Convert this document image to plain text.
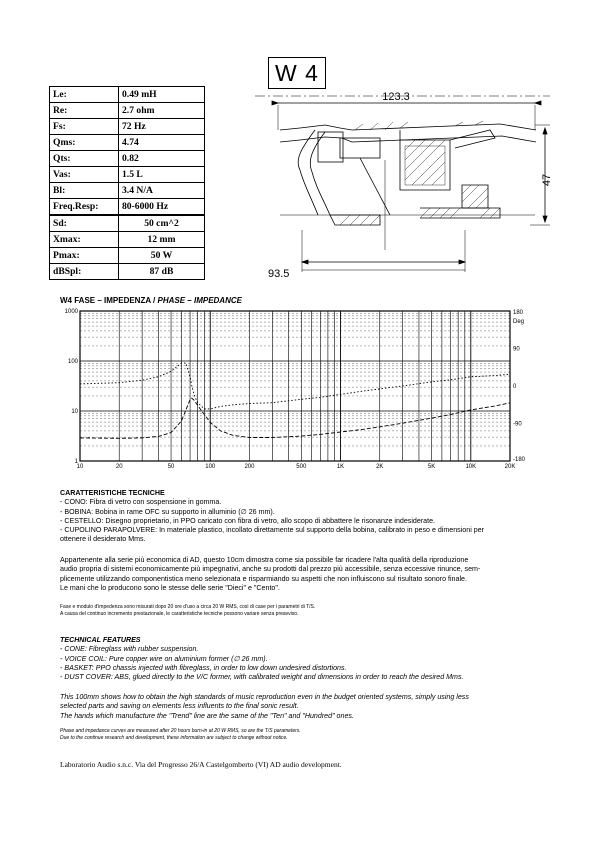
W 4
Le:	0.49 mH
Re:	2.7 ohm
Fs:	72 Hz
Qms:	4.74
Qts:	0.82
Vas:	1.5 L
Bl:	3.4 N/A
Freq.Resp:	80-6000 Hz
Sd:	50 cm^2
Xmax:	12 mm
Pmax:	50 W
dBSpl:	87 dB
123.3
47
93.5
W4 FASE – IMPEDENZA / PHASE – IMPEDANCE
10	20	50	100	200	500	1K	2K	5K	10K	20K
1000
100
10
1
180
Deg
90
0
-90
-180
CARATTERISTICHE TECNICHE
- CONO: Fibra di vetro con sospensione in gomma.
- BOBINA: Bobina in rame OFC su supporto in alluminio (∅ 26 mm).
- CESTELLO: Disegno proprietario, in PPO caricato con fibra di vetro, allo scopo di abbattere le risonanze indesiderate.
- CUPOLINO PARAPOLVERE: In materiale plastico, incollato direttamente sul supporto della bobina, calibrato in peso e dimensioni per
ottenere il desiderato Mms.
Appartenente alla serie più economica di AD, questo 10cm dimostra come sia possibile far ricadere l'alta qualità della riproduzione
audio propria di sistemi economicamente più impegnativi, anche su prodotti dal prezzo più accessibile, senza eccessive rinunce, sem-
plicemente utilizzando componentistica meno selezionata e risparmiando su aspetti che non influiscono sul risultato sonoro finale.
Le mani che lo producono sono le stesse delle serie "Dieci" e "Cento".
Fase e modulo d'impedenza sono misurati dopo 20 ore d'uso a circa 20 W RMS, così di case per i parametri di T/S.
A causa del continuo incremento prestazionale, le caratteristiche tecniche possono variare senza preavviso.
TECHNICAL FEATURES
- CONE: Fibreglass with rubber suspension.
- VOICE COIL: Pure copper wire on aluminium former (∅ 26 mm).
- BASKET: PPO chassis injected with fibreglass, in order to low down undesired distortions.
- DUST COVER: ABS, glued directly to the V/C former, with calibrated weight and dimensions in order to reach the desired Mms.
This 100mm shows how to obtain the high standards of music reproduction even in the budget oriented systems, simply using less
selected parts and saving on elements less influents to the final sonic result.
The hands which manufacture the "Trend" line are the same of the "Ten" and "Hundred" ones.
Phase and impedance curves are measured after 20 hours burn-in at 20 W RMS, so are the T/S parameters.
Due to the continue research and development, these information are subject to change without notice.
Laboratorio Audio s.n.c. Via del Progresso 26/A Castelgomberto (VI) AD audio development.
